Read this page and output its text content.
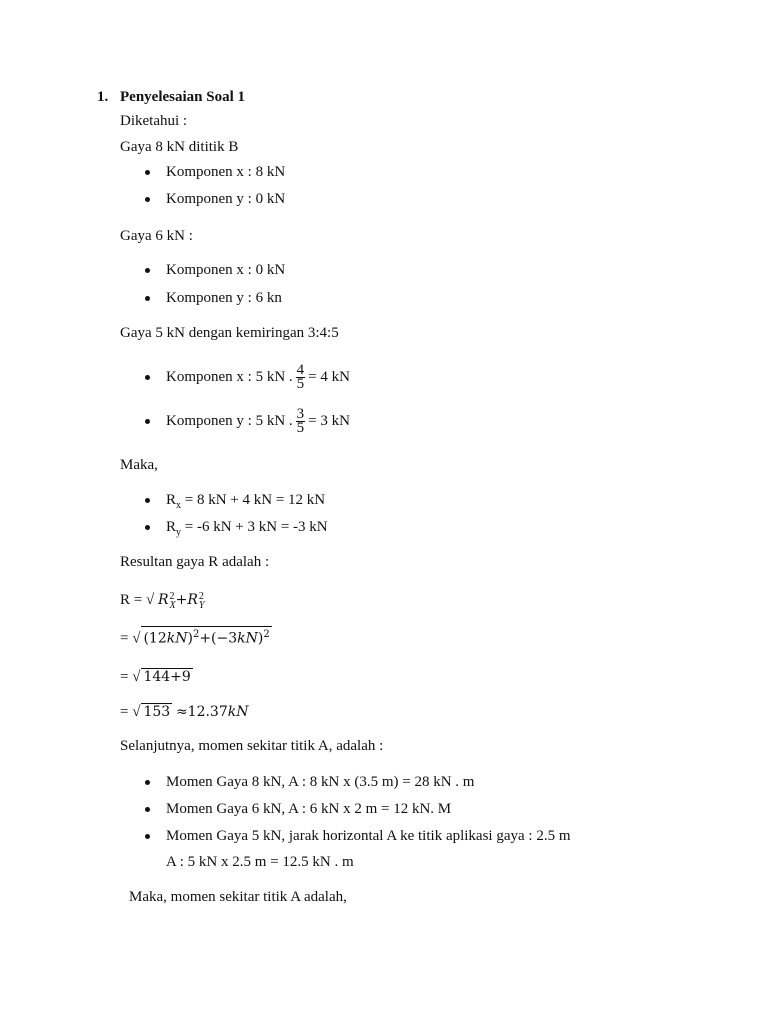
1. Penyelesaian Soal 1
Diketahui :
Gaya 8 kN dititik B
Komponen x : 8 kN
Komponen y : 0 kN
Gaya 6 kN :
Komponen x : 0 kN
Komponen y : 6 kn
Gaya 5 kN dengan kemiringan 3:4:5
Komponen x : 5 kN . $\frac{4}{5} = 4$ kN
Komponen y : 5 kN . $\frac{3}{5} = 3$ kN
Maka,
$R_x = 8$ kN + 4 kN = 12 kN
$R_y = -6$ kN + 3 kN = -3 kN
Resultan gaya R adalah :
R = √ R 2
X +R 2
Y
= √ $(12kN)^2+(-3kN)^2$
= √ 144+9
= √ 153 ≈12.37kN
Selanjutnya, momen sekitar titik A, adalah :
Momen Gaya 8 kN, A : 8 kN x (3.5 m) = 28 kN . m
Momen Gaya 6 kN, A : 6 kN x 2 m = 12 kN. M
Momen Gaya 5 kN, jarak horizontal A ke titik aplikasi gaya : 2.5 m
A : 5 kN x 2.5 m = 12.5 kN . m
Maka, momen sekitar titik A adalah,
